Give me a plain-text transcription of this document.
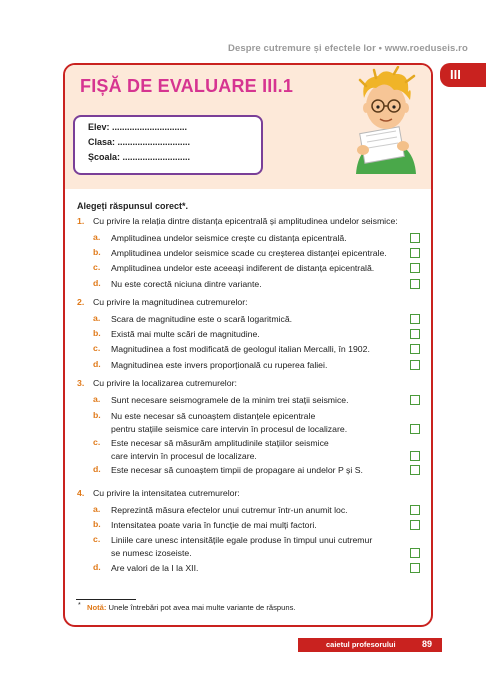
Despre cutremure și efectele lor • www.roeduseis.ro
III
FIȘĂ DE EVALUARE III.1
Elev: ..............................
Clasa: .............................
Școala: ...........................
Alegeți răspunsul corect*.
1. Cu privire la relația dintre distanța epicentrală și amplitudinea undelor seismice:
a. Amplitudinea undelor seismice crește cu distanța epicentrală.
b. Amplitudinea undelor seismice scade cu creșterea distanței epicentrale.
c. Amplitudinea undelor este aceeași indiferent de distanța epicentrală.
d. Nu este corectă niciuna dintre variante.
2. Cu privire la magnitudinea cutremurelor:
a. Scara de magnitudine este o scară logaritmică.
b. Există mai multe scări de magnitudine.
c. Magnitudinea a fost modificată de geologul italian Mercalli, în 1902.
d. Magnitudinea este invers proporțională cu ruperea faliei.
3. Cu privire la localizarea cutremurelor:
a. Sunt necesare seismogramele de la minim trei stații seismice.
b. Nu este necesar să cunoaștem distanțele epicentrale
pentru stațiile seismice care intervin în procesul de localizare.
c. Este necesar să măsurăm amplitudinile stațiilor seismice
care intervin în procesul de localizare.
d. Este necesar să cunoaștem timpii de propagare ai undelor P și S.
4. Cu privire la intensitatea cutremurelor:
a. Reprezintă măsura efectelor unui cutremur într-un anumit loc.
b. Intensitatea poate varia în funcție de mai mulți factori.
c. Liniile care unesc intensitățile egale produse în timpul unui cutremur
se numesc izoseiste.
d. Are valori de la I la XII.
* Notă: Unele întrebări pot avea mai multe variante de răspuns.
caietul profesorului	89
